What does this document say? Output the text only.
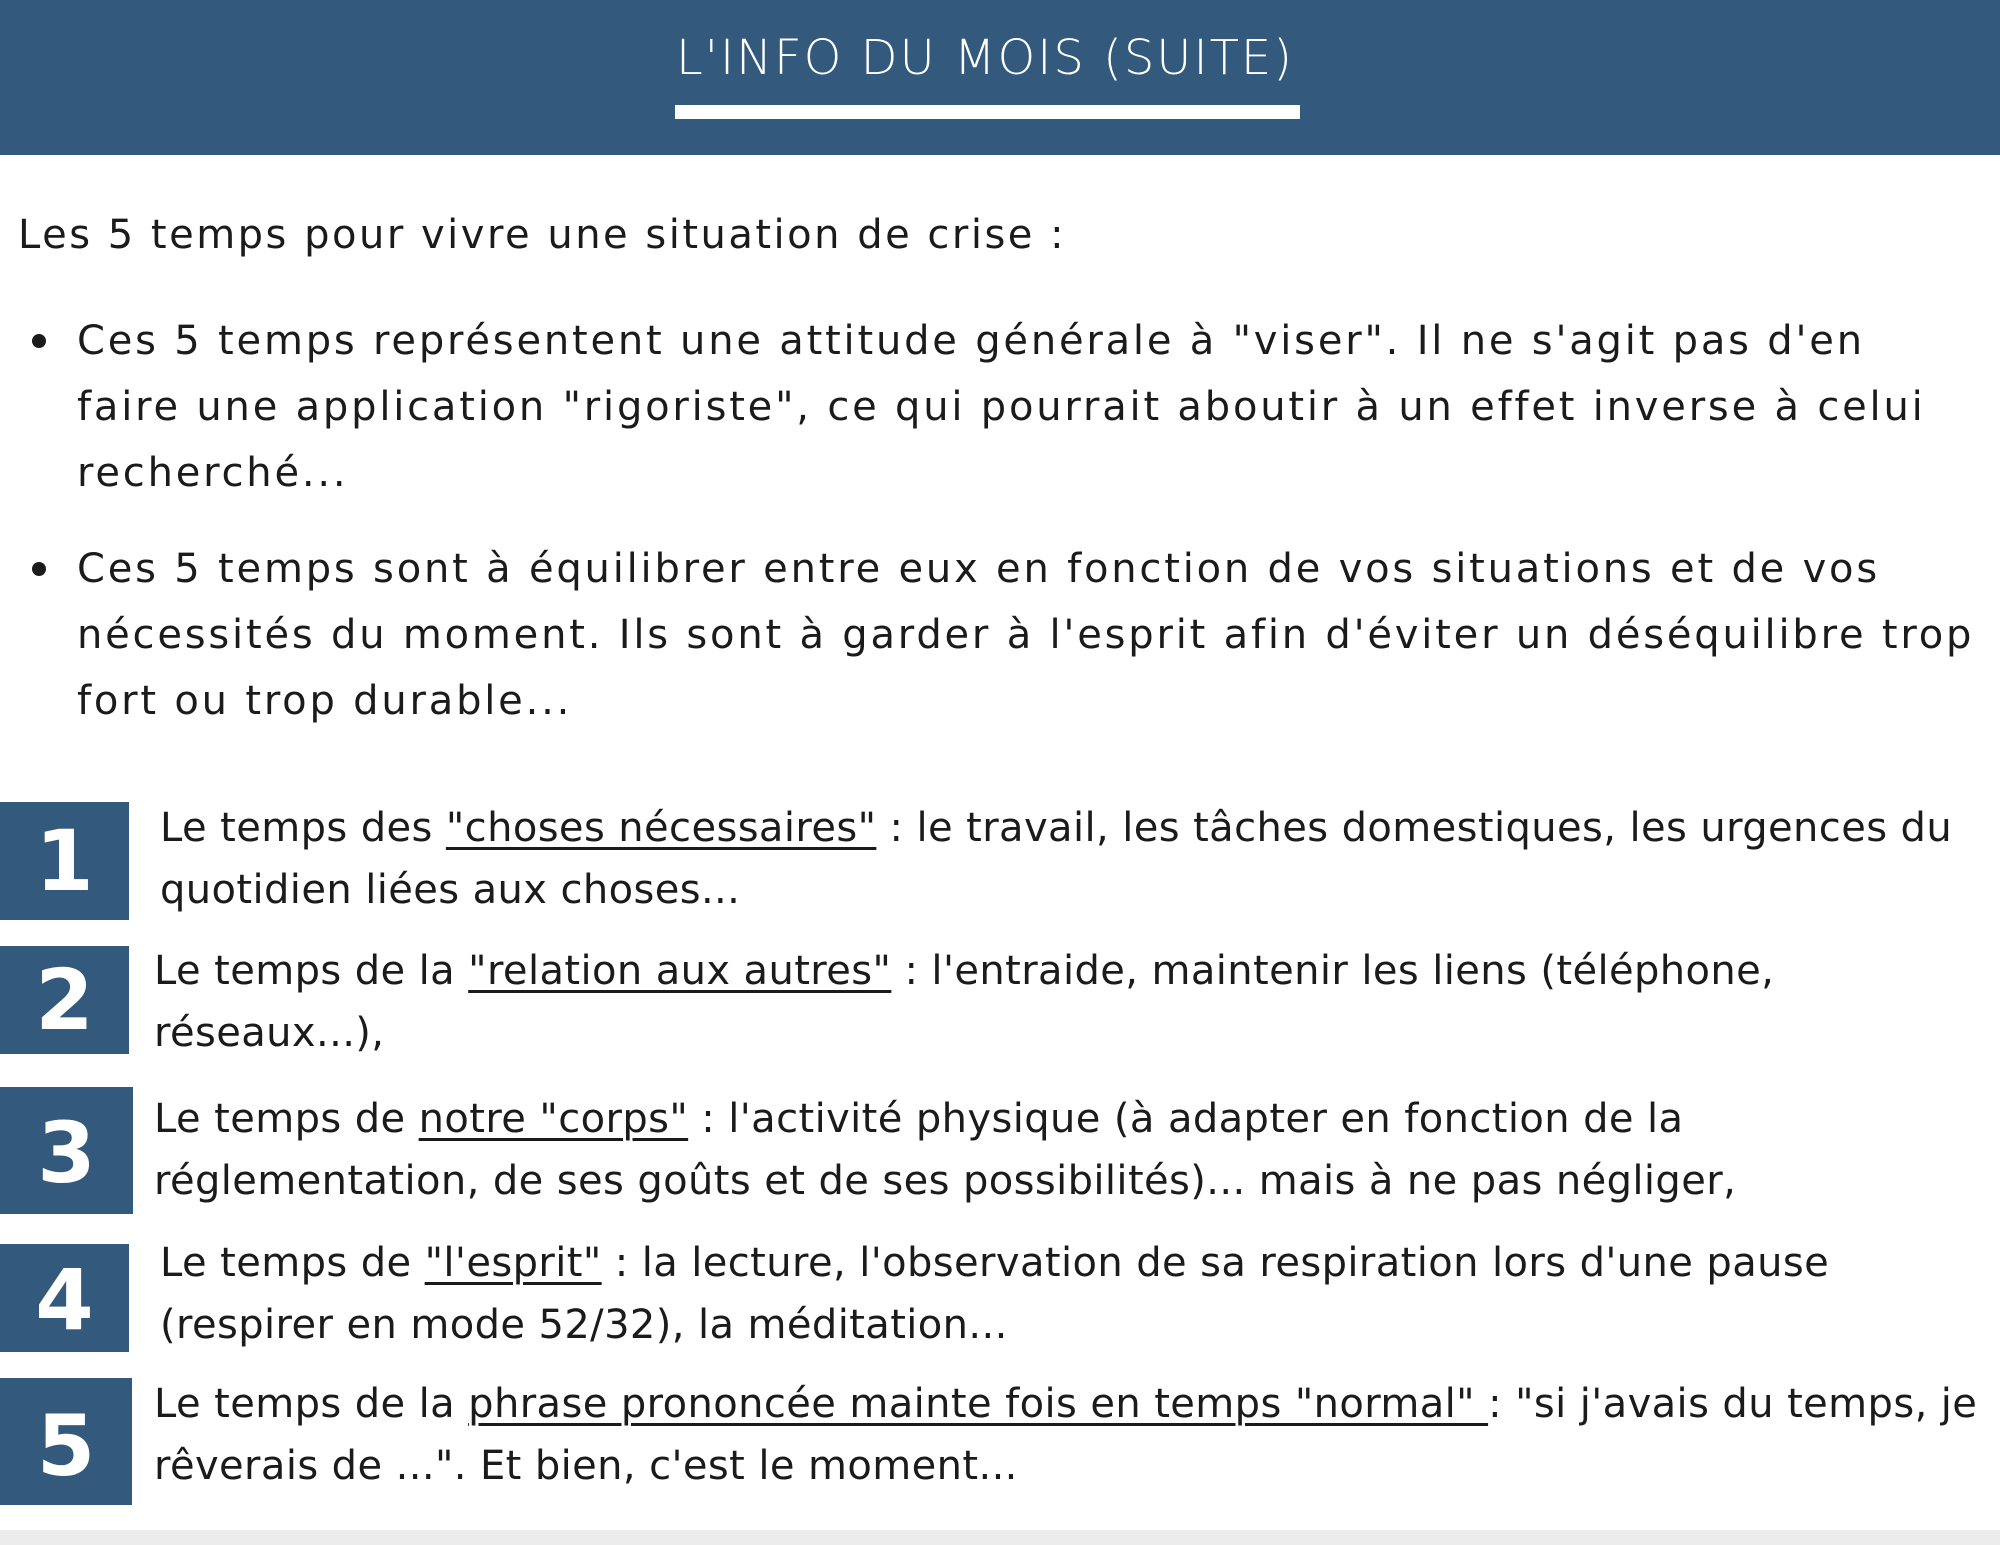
L'INFO DU MOIS (SUITE)
Les 5 temps pour vivre une situation de crise :
Ces 5 temps représentent une attitude générale à "viser". Il ne s'agit pas d'en faire une application "rigoriste", ce qui pourrait aboutir à un effet inverse à celui recherché...
Ces 5 temps sont à équilibrer entre eux en fonction de vos situations et de vos nécessités du moment. Ils sont à garder à l'esprit afin d'éviter un déséquilibre trop fort ou trop durable...
1	Le temps des "choses nécessaires" : le travail, les tâches domestiques, les urgences du quotidien liées aux choses...
2	Le temps de la "relation aux autres" : l'entraide, maintenir les liens (téléphone, réseaux...),
3	Le temps de notre "corps" : l'activité physique (à adapter en fonction de la réglementation, de ses goûts et de ses possibilités)... mais à ne pas négliger,
4	Le temps de "l'esprit" : la lecture, l'observation de sa respiration lors d'une pause (respirer en mode 52/32), la méditation...
5	Le temps de la phrase prononcée mainte fois en temps "normal" : "si j'avais du temps, je rêverais de ...". Et bien, c'est le moment...
